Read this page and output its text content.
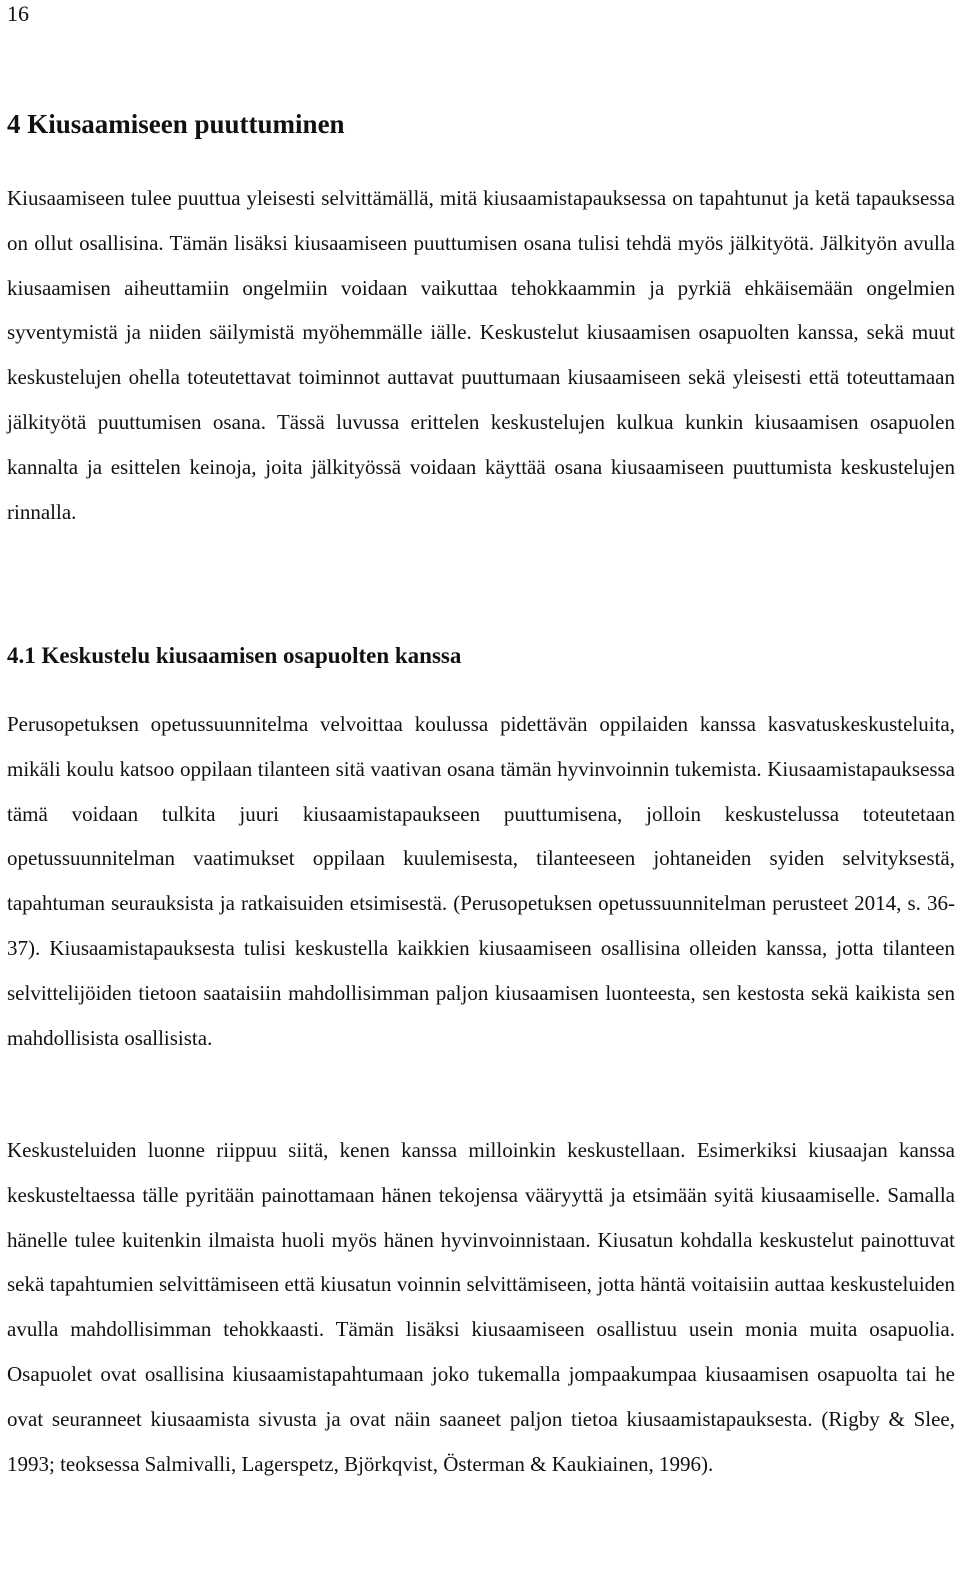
16
4 Kiusaamiseen puuttuminen

Kiusaamiseen tulee puuttua yleisesti selvittämällä, mitä kiusaamistapauksessa on tapahtunut ja ketä tapauksessa on ollut osallisina. Tämän lisäksi kiusaamiseen puuttumisen osana tulisi tehdä myös jälkityötä. Jälkityön avulla kiusaamisen aiheuttamiin ongelmiin voidaan vaikuttaa tehokkaammin ja pyrkiä ehkäisemään ongelmien syventymistä ja niiden säilymistä myöhemmälle iälle. Keskustelut kiusaamisen osapuolten kanssa, sekä muut keskustelujen ohella toteutettavat toiminnot auttavat puuttumaan kiusaamiseen sekä yleisesti että toteuttamaan jälkityötä puuttumisen osana. Tässä luvussa erittelen keskustelujen kulkua kunkin kiusaamisen osapuolen kannalta ja esittelen keinoja, joita jälkityössä voidaan käyttää osana kiusaamiseen puuttumista keskustelujen rinnalla.

4.1 Keskustelu kiusaamisen osapuolten kanssa

Perusopetuksen opetussuunnitelma velvoittaa koulussa pidettävän oppilaiden kanssa kasvatuskeskusteluita, mikäli koulu katsoo oppilaan tilanteen sitä vaativan osana tämän hyvinvoinnin tukemista. Kiusaamistapauksessa tämä voidaan tulkita juuri kiusaamistapaukseen puuttumisena, jolloin keskustelussa toteutetaan opetussuunnitelman vaatimukset oppilaan kuulemisesta, tilanteeseen johtaneiden syiden selvityksestä, tapahtuman seurauksista ja ratkaisuiden etsimisestä. (Perusopetuksen opetussuunnitelman perusteet 2014, s. 36-37). Kiusaamistapauksesta tulisi keskustella kaikkien kiusaamiseen osallisina olleiden kanssa, jotta tilanteen selvittelijöiden tietoon saataisiin mahdollisimman paljon kiusaamisen luonteesta, sen kestosta sekä kaikista sen mahdollisista osallisista.

Keskusteluiden luonne riippuu siitä, kenen kanssa milloinkin keskustellaan. Esimerkiksi kiusaajan kanssa keskusteltaessa tälle pyritään painottamaan hänen tekojensa vääryyttä ja etsimään syitä kiusaamiselle. Samalla hänelle tulee kuitenkin ilmaista huoli myös hänen hyvinvoinnistaan. Kiusatun kohdalla keskustelut painottuvat sekä tapahtumien selvittämiseen että kiusatun voinnin selvittämiseen, jotta häntä voitaisiin auttaa keskusteluiden avulla mahdollisimman tehokkaasti. Tämän lisäksi kiusaamiseen osallistuu usein monia muita osapuolia. Osapuolet ovat osallisina kiusaamistapahtumaan joko tukemalla jompaakumpaa kiusaamisen osapuolta tai he ovat seuranneet kiusaamista sivusta ja ovat näin saaneet paljon tietoa kiusaamistapauksesta. (Rigby & Slee, 1993; teoksessa Salmivalli, Lagerspetz, Björkqvist, Österman & Kaukiainen, 1996).
